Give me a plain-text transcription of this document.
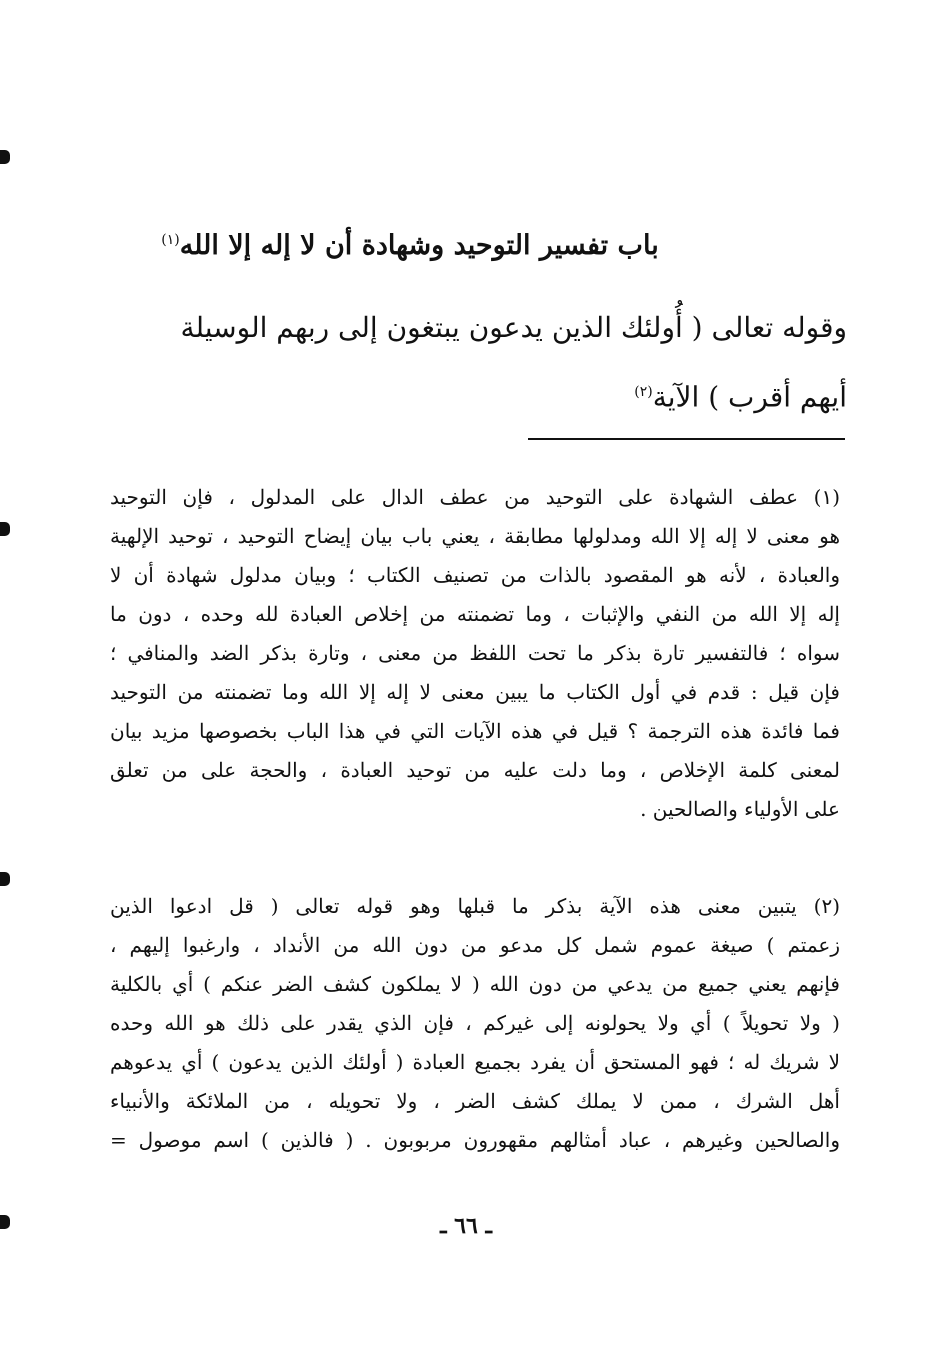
باب تفسير التوحيد وشهادة أن لا إله إلا الله$^{(١)}$
وقوله تعالى ( أُولئك الذين يدعون يبتغون إلى ربهم الوسيلة
أيهم أقرب ) الآية$^{(٢)}$
(١) عطف الشهادة على التوحيد من عطف الدال على المدلول ، فإن التوحيد
هو معنى لا إله إلا الله ومدلولها مطابقة ، يعني باب بيان إيضاح التوحيد ، توحيد الإلهية
والعبادة ، لأنه هو المقصود بالذات من تصنيف الكتاب ؛ وبيان مدلول شهادة أن لا
إله إلا الله من النفي والإثبات ، وما تضمنته من إخلاص العبادة لله وحده ، دون ما
سواه ؛ فالتفسير تارة بذكر ما تحت اللفظ من معنى ، وتارة بذكر الضد والمنافي ؛
فإن قيل : قدم في أول الكتاب ما يبين معنى لا إله إلا الله وما تضمنته من التوحيد
فما فائدة هذه الترجمة ؟ قيل في هذه الآيات التي في هذا الباب بخصوصها مزيد بيان
لمعنى كلمة الإخلاص ، وما دلت عليه من توحيد العبادة ، والحجة على من تعلق
على الأولياء والصالحين .
(٢) يتبين معنى هذه الآية بذكر ما قبلها وهو قوله تعالى ( قل ادعوا الذين
زعمتم ) صيغة عموم شمل كل مدعو من دون الله من الأنداد ، وارغبوا إليهم ،
فإنهم يعني جميع من يدعي من دون الله ( لا يملكون كشف الضر عنكم ) أي بالكلية
( ولا تحويلاً ) أي ولا يحولونه إلى غيركم ، فإن الذي يقدر على ذلك هو الله وحده
لا شريك له ؛ فهو المستحق أن يفرد بجميع العبادة ( أولئك الذين يدعون ) أي يدعوهم
أهل الشرك ، ممن لا يملك كشف الضر ، ولا تحويله ، من الملائكة والأنبياء
والصالحين وغيرهم ، عباد أمثالهم مقهورون مربوبون . ( فالذين ) اسم موصول =
ـ ٦٦ ـ
